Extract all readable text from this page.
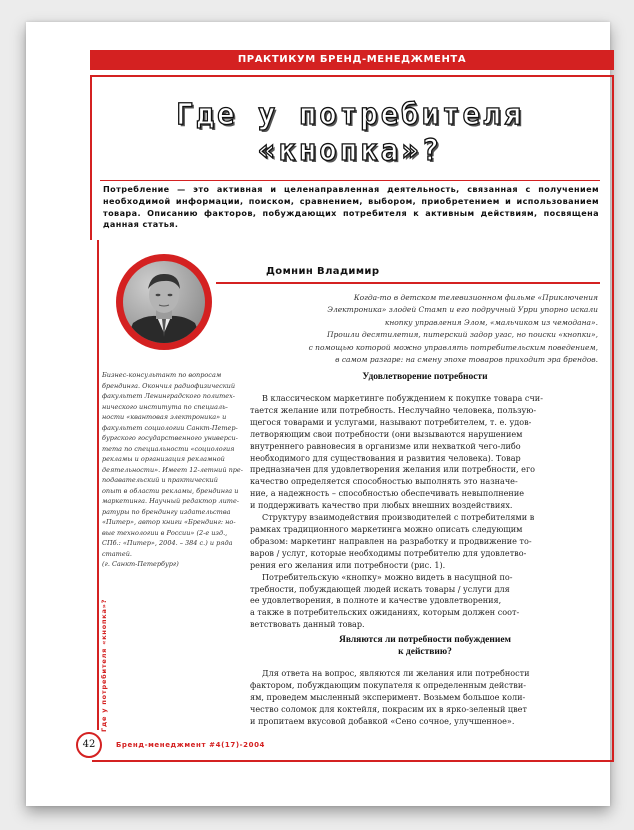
ПРАКТИКУМ БРЕНД-МЕНЕДЖМЕНТА
Где у потребителя
«кнопка»?
Потребление — это активная и целенаправленная деятельность, связанная с получением необходимой информации, поиском, сравнением, выбором, приобретением и использованием товара. Описанию факторов, побуждающих потребителя к активным действиям, посвящена данная статья.
Домнин Владимир
Когда-то в детском телевизионном фильме «Приключения
Электроника» злодей Стамп и его подручный Урри упорно искали
кнопку управления Элом, «мальчиком из чемодана».
Прошли десятилетия, питерский задор угас, но поиски «кнопки»,
с помощью которой можно управлять потребительским поведением,
в самом разгаре: на смену эпохе товаров приходит эра брендов.
Бизнес-консультант по вопросам
брендинга. Окончил радиофизический
факультет Ленинградского политех-
нического института по специаль-
ности «квантовая электроника» и
факультет социологии Санкт-Петер-
бургского государственного универси-
тета по специальности «социология
рекламы и организация рекламной
деятельности». Имеет 12-летний пре-
подавательский и практический
опыт в области рекламы, брендинга и
маркетинга. Научный редактор лите-
ратуры по брендингу издательства
«Питер», автор книги «Брендинг: но-
вые технологии в России» (2-е изд.,
СПб.: «Питер», 2004. – 384 с.) и ряда
статей.
(г. Санкт-Петербург)
Удовлетворение потребности
В классическом маркетинге побуждением к покупке товара счи-
тается желание или потребность. Неслучайно человека, пользую-
щегося товарами и услугами, называют потребителем, т. е. удов-
летворяющим свои потребности (они вызываются нарушением
внутреннего равновесия в организме или нехваткой чего-либо
необходимого для существования и развития человека). Товар
предназначен для удовлетворения желания или потребности, его
качество определяется способностью выполнять это назначе-
ние, а надежность – способностью обеспечивать невыполнение
и поддерживать качество при любых внешних воздействиях.
Структуру взаимодействия производителей с потребителями в
рамках традиционного маркетинга можно описать следующим
образом: маркетинг направлен на разработку и продвижение то-
варов / услуг, которые необходимы потребителю для удовлетво-
рения его желания или потребности (рис. 1).
Потребительскую «кнопку» можно видеть в насущной по-
требности, побуждающей людей искать товары / услуги для
ее удовлетворения, в полноте и качестве удовлетворения,
а также в потребительских ожиданиях, которым должен соот-
ветствовать данный товар.
Являются ли потребности побуждением
к действию?
Для ответа на вопрос, являются ли желания или потребности
фактором, побуждающим покупателя к определенным действи-
ям, проведем мысленный эксперимент. Возьмем большое коли-
чество соломок для коктейля, покрасим их в ярко-зеленый цвет
и пропитаем вкусовой добавкой «Сено сочное, улучшенное».
Где у потребителя «кнопка»?
42	Бренд-менеджмент #4(17)-2004
